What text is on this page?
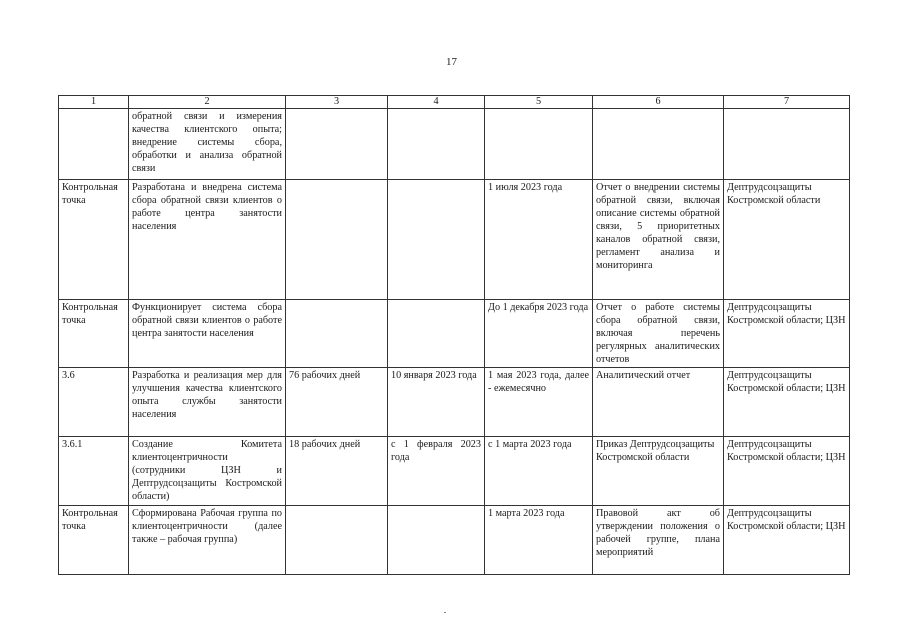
17
1	2	3	4	5	6	7
	обратной связи и измерения качества клиентского опыта; внедрение системы сбора, обработки и анализа обратной связи					
Контрольная точка	Разработана и внедрена система сбора обратной связи клиентов о работе центра занятости населения			1 июля 2023 года	Отчет о внедрении системы обратной связи, включая описание системы обратной связи, 5 приоритетных каналов обратной связи, регламент анализа и мониторинга	Дептрудсоцзащиты Костромской области
Контрольная точка	Функционирует система сбора обратной связи клиентов о работе центра занятости населения			До 1 декабря 2023 года	Отчет о работе системы сбора обратной связи, включая перечень регулярных аналитических отчетов	Дептрудсоцзащиты Костромской области; ЦЗН
3.6	Разработка и реализация мер для улучшения качества клиентского опыта службы занятости населения	76 рабочих дней	10 января 2023 года	1 мая 2023 года, далее - ежемесячно	Аналитический отчет	Дептрудсоцзащиты Костромской области; ЦЗН
3.6.1	Создание Комитета клиентоцентричности (сотрудники ЦЗН и Дептрудсоцзащиты Костромской области)	18 рабочих дней	с 1 февраля 2023 года	с 1 марта 2023 года	Приказ Дептрудсоцзащиты Костромской области	Дептрудсоцзащиты Костромской области; ЦЗН
Контрольная точка	Сформирована Рабочая группа по клиентоцентричности (далее также – рабочая группа)			1 марта 2023 года	Правовой акт об утверждении положения о рабочей группе, плана мероприятий	Дептрудсоцзащиты Костромской области; ЦЗН
